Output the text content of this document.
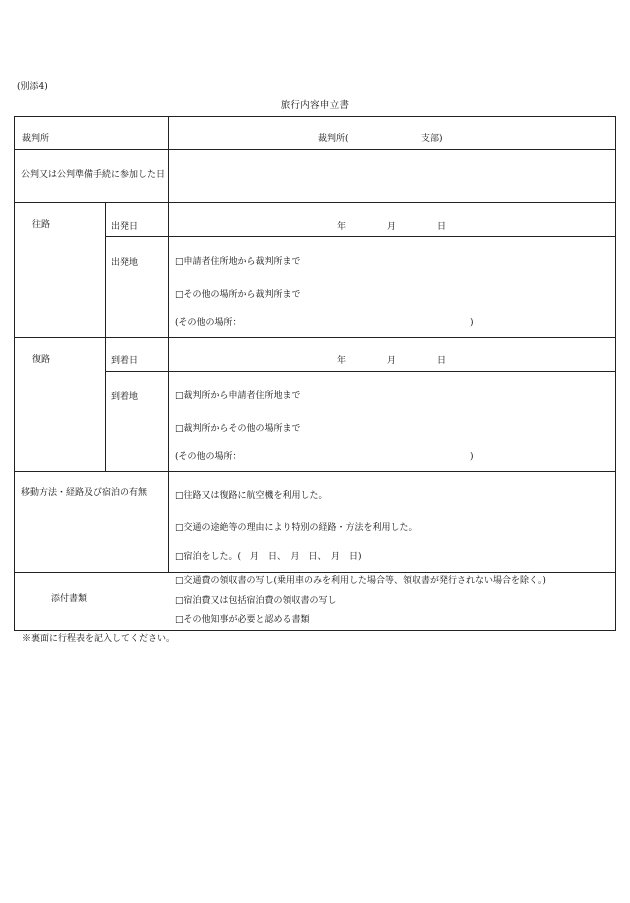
(別添4)
旅行内容申立書
裁判所	裁判所(	支部)
公判又は公判準備手続に参加した日
往路	出発日	年	月	日
出発地	□申請者住所地から裁判所まで
□その他の場所から裁判所まで
(その他の場所：	)
復路	到着日	年	月	日
到着地	□裁判所から申請者住所地まで
□裁判所からその他の場所まで
(その他の場所：	)
移動方法・経路及び宿泊の有無	□往路又は復路に航空機を利用した。
□交通の途絶等の理由により特別の経路・方法を利用した。
□宿泊をした。(　月　日、　月　日、　月　日)
添付書類
□交通費の領収書の写し(乗用車のみを利用した場合等、領収書が発行されない場合を除く。)
□宿泊費又は包括宿泊費の領収書の写し
□その他知事が必要と認める書類
※裏面に行程表を記入してください。
